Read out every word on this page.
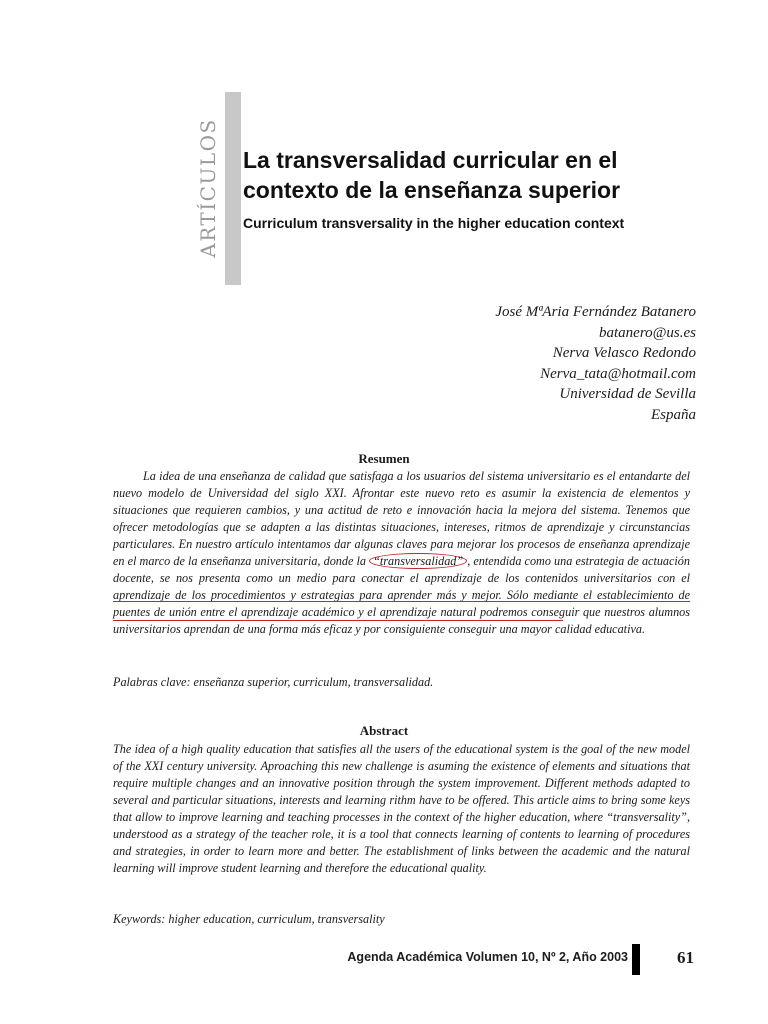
ARTÍCULOS La transversalidad curricular en el
contexto de la enseñanza superior

Curriculum transversality in the higher education context

José MªAria Fernández Batanero
batanero@us.es
Nerva Velasco Redondo
Nerva_tata@hotmail.com
Universidad de Sevilla
España
Resumen

La idea de una enseñanza de calidad que satisfaga a los usuarios del sistema universitario es el entandarte del nuevo modelo de Universidad del siglo XXI. Afrontar este nuevo reto es asumir la existencia de elementos y situaciones que requieren cambios, y una actitud de reto e innovación hacia la mejora del sistema. Tenemos que ofrecer metodologías que se adapten a las distintas situaciones, intereses, ritmos de aprendizaje y circunstancias particulares. En nuestro artículo intentamos dar algunas claves para mejorar los procesos de enseñanza aprendizaje en el marco de la enseñanza universitaria, donde la “transversalidad” , entendida como una estrategia de actuación docente, se nos presenta como un medio para conectar el aprendizaje de los contenidos universitarios con el aprendizaje de los procedimientos y estrategias para aprender más y mejor. Sólo mediante el establecimiento de puentes de unión entre el aprendizaje académico y el aprendizaje natural podremos conseguir que nuestros alumnos universitarios aprendan de una forma más eficaz y por consiguiente conseguir una mayor calidad educativa.

Palabras clave: enseñanza superior, curriculum, transversalidad.
Abstract

The idea of a high quality education that satisfies all the users of the educational system is the goal of the new model of the XXI century university. Aproaching this new challenge is asuming the existence of elements and situations that require multiple changes and an innovative position through the system improvement. Different methods adapted to several and particular situations, interests and learning rithm have to be offered. This article aims to bring some keys that allow to improve learning and teaching processes in the context of the higher education, where “transversality”, understood as a strategy of the teacher role, it is a tool that connects learning of contents to learning of procedures and strategies, in order to learn more and better. The establishment of links between the academic and the natural learning will improve student learning and therefore the educational quality.

Keywords: higher education, curriculum, transversality
Agenda Académica Volumen 10, Nº 2, Año 2003	61
